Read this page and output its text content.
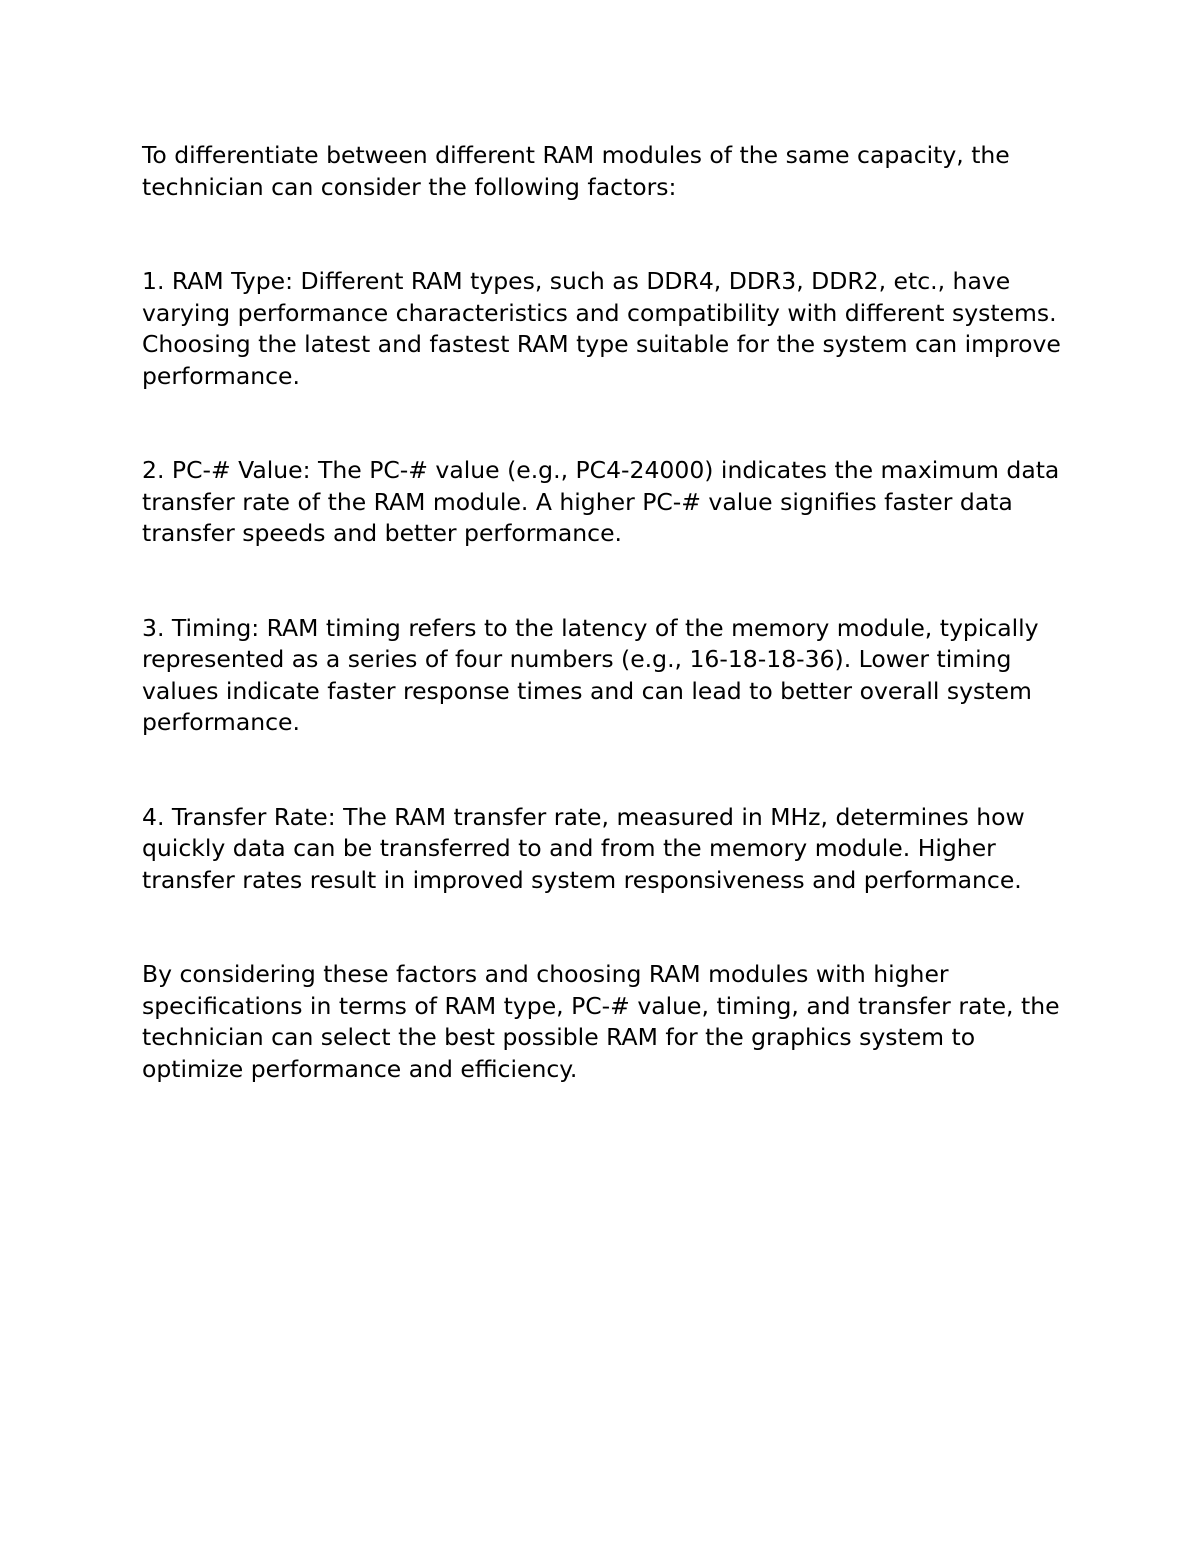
To differentiate between different RAM modules of the same capacity, the technician can consider the following factors:

1. RAM Type: Different RAM types, such as DDR4, DDR3, DDR2, etc., have varying performance characteristics and compatibility with different systems. Choosing the latest and fastest RAM type suitable for the system can improve performance.

2. PC-# Value: The PC-# value (e.g., PC4-24000) indicates the maximum data transfer rate of the RAM module. A higher PC-# value signifies faster data transfer speeds and better performance.

3. Timing: RAM timing refers to the latency of the memory module, typically represented as a series of four numbers (e.g., 16-18-18-36). Lower timing values indicate faster response times and can lead to better overall system performance.

4. Transfer Rate: The RAM transfer rate, measured in MHz, determines how quickly data can be transferred to and from the memory module. Higher transfer rates result in improved system responsiveness and performance.

By considering these factors and choosing RAM modules with higher specifications in terms of RAM type, PC-# value, timing, and transfer rate, the technician can select the best possible RAM for the graphics system to optimize performance and efficiency.
